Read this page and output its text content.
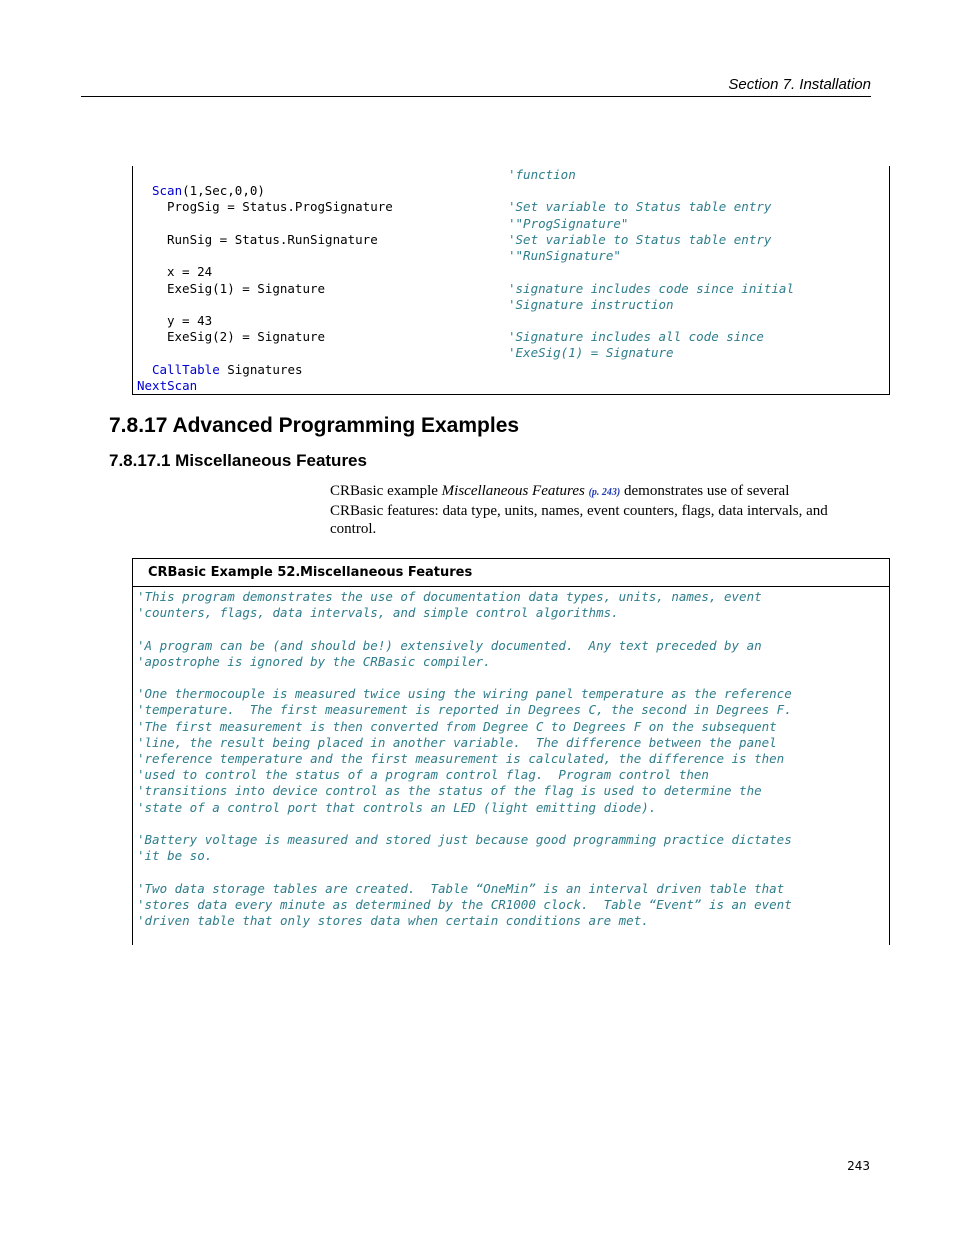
Section 7. Installation
'function
Scan(1,Sec,0,0)
ProgSig = Status.ProgSignature	'Set variable to Status table entry
'"ProgSignature"
RunSig = Status.RunSignature	'Set variable to Status table entry
'"RunSignature"
x = 24
ExeSig(1) = Signature	'signature includes code since initial
'Signature instruction
y = 43
ExeSig(2) = Signature	'Signature includes all code since
'ExeSig(1) = Signature
CallTable Signatures
NextScan
7.8.17 Advanced Programming Examples
7.8.17.1 Miscellaneous Features
CRBasic example Miscellaneous Features (p. 243) demonstrates use of several CRBasic features: data type, units, names, event counters, flags, data intervals, and control.
CRBasic Example 52. Miscellaneous Features
'This program demonstrates the use of documentation data types, units, names, event
'counters, flags, data intervals, and simple control algorithms.
'A program can be (and should be!) extensively documented.  Any text preceded by an
'apostrophe is ignored by the CRBasic compiler.
'One thermocouple is measured twice using the wiring panel temperature as the reference
'temperature.  The first measurement is reported in Degrees C, the second in Degrees F.
'The first measurement is then converted from Degree C to Degrees F on the subsequent
'line, the result being placed in another variable.  The difference between the panel
'reference temperature and the first measurement is calculated, the difference is then
'used to control the status of a program control flag.  Program control then
'transitions into device control as the status of the flag is used to determine the
'state of a control port that controls an LED (light emitting diode).
'Battery voltage is measured and stored just because good programming practice dictates
'it be so.
'Two data storage tables are created.  Table “OneMin” is an interval driven table that
'stores data every minute as determined by the CR1000 clock.  Table “Event” is an event
'driven table that only stores data when certain conditions are met.
243
